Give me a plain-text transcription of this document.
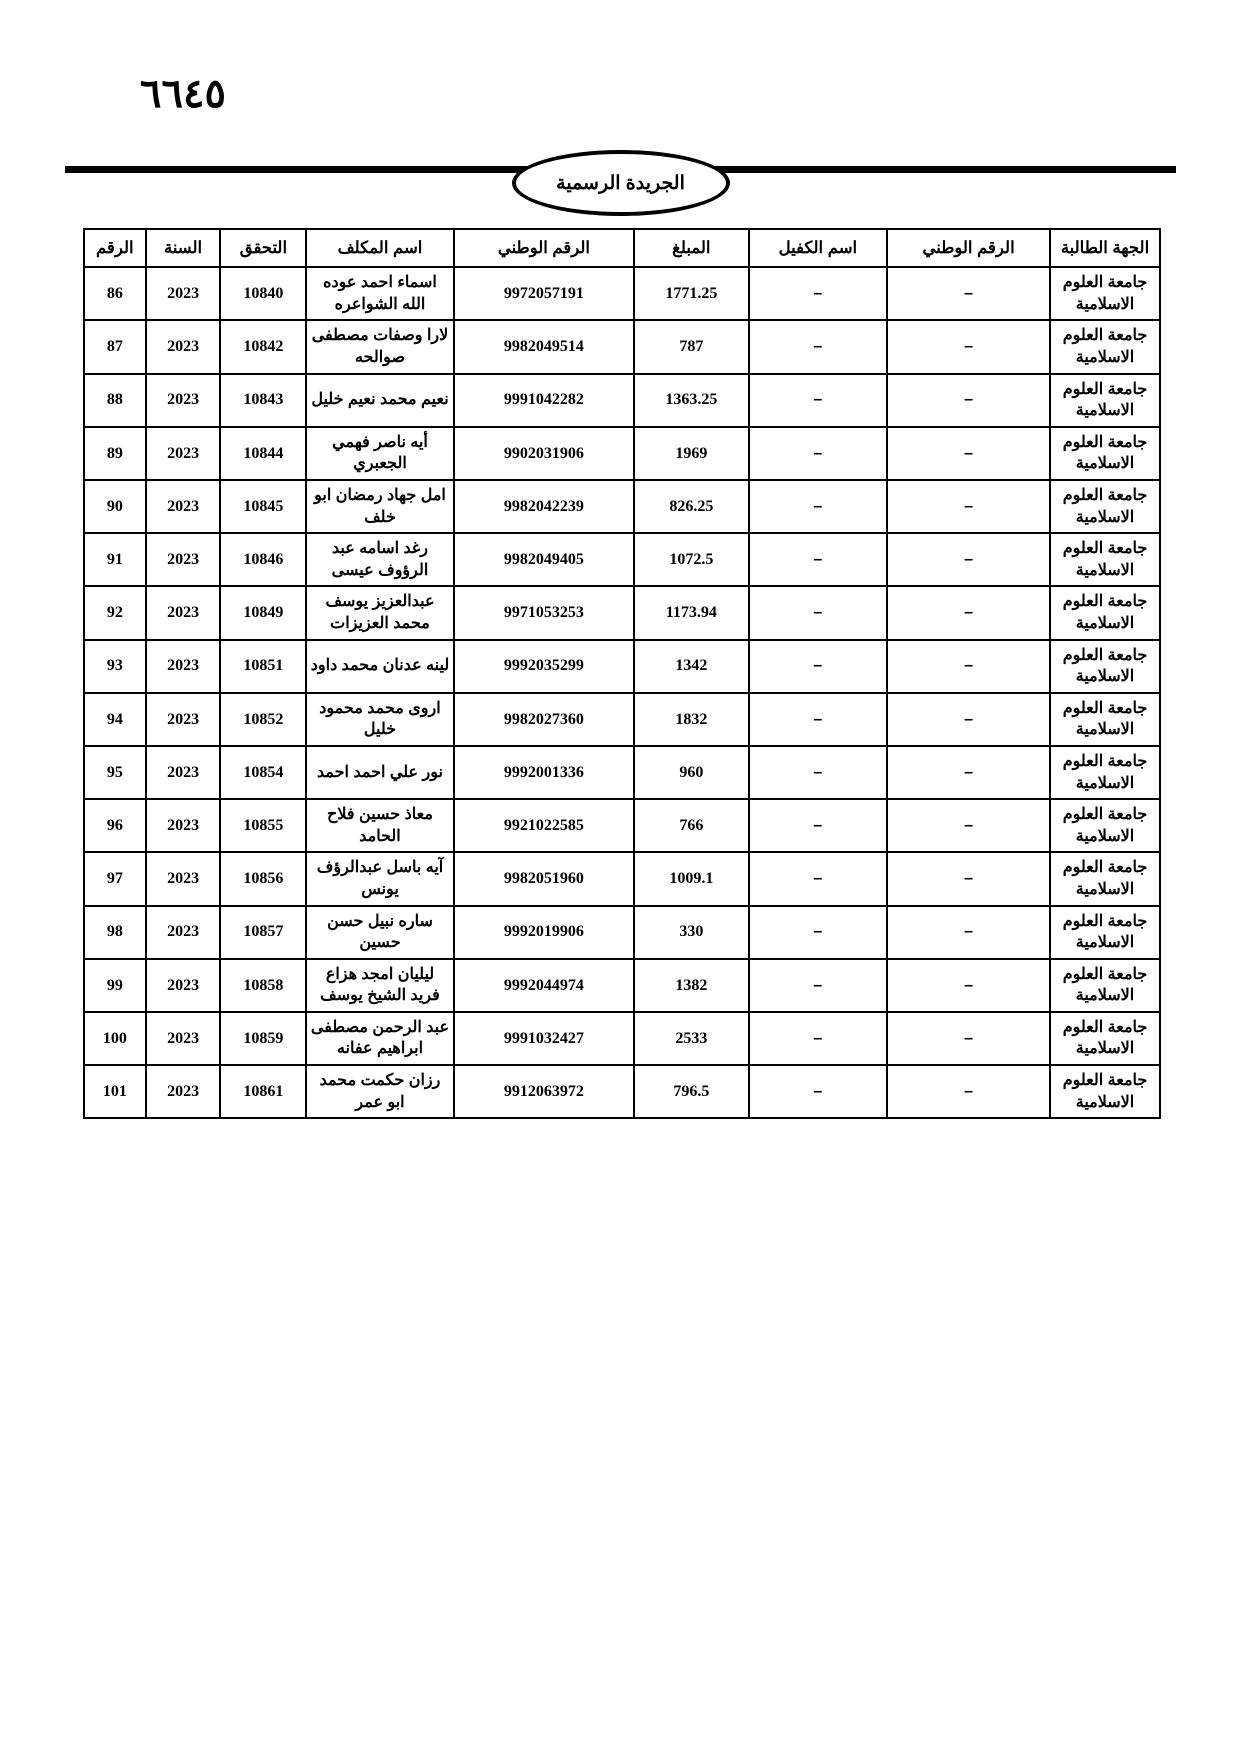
٦٦٤٥
الجريدة الرسمية
الجهة الطالبة	الرقم الوطني	اسم الكفيل	المبلغ	الرقم الوطني	اسم المكلف	التحقق	السنة	الرقم
جامعة العلوم الاسلامية	–	–	1771.25	9972057191	اسماء احمد عوده الله الشواعره	10840	2023	86
جامعة العلوم الاسلامية	–	–	787	9982049514	لارا وصفات مصطفى صوالحه	10842	2023	87
جامعة العلوم الاسلامية	–	–	1363.25	9991042282	نعيم محمد نعيم خليل	10843	2023	88
جامعة العلوم الاسلامية	–	–	1969	9902031906	أيه ناصر فهمي الجعبري	10844	2023	89
جامعة العلوم الاسلامية	–	–	826.25	9982042239	امل جهاد رمضان ابو خلف	10845	2023	90
جامعة العلوم الاسلامية	–	–	1072.5	9982049405	رغد اسامه عبد الرؤوف عيسى	10846	2023	91
جامعة العلوم الاسلامية	–	–	1173.94	9971053253	عبدالعزيز يوسف محمد العزيزات	10849	2023	92
جامعة العلوم الاسلامية	–	–	1342	9992035299	لينه عدنان محمد داود	10851	2023	93
جامعة العلوم الاسلامية	–	–	1832	9982027360	اروى محمد محمود خليل	10852	2023	94
جامعة العلوم الاسلامية	–	–	960	9992001336	نور علي احمد احمد	10854	2023	95
جامعة العلوم الاسلامية	–	–	766	9921022585	معاذ حسين فلاح الحامد	10855	2023	96
جامعة العلوم الاسلامية	–	–	1009.1	9982051960	آيه باسل عبدالرؤف يونس	10856	2023	97
جامعة العلوم الاسلامية	–	–	330	9992019906	ساره نبيل حسن حسين	10857	2023	98
جامعة العلوم الاسلامية	–	–	1382	9992044974	ليليان امجد هزاع فريد الشيخ يوسف	10858	2023	99
جامعة العلوم الاسلامية	–	–	2533	9991032427	عبد الرحمن مصطفى ابراهيم عفانه	10859	2023	100
جامعة العلوم الاسلامية	–	–	796.5	9912063972	رزان حكمت محمد ابو عمر	10861	2023	101
